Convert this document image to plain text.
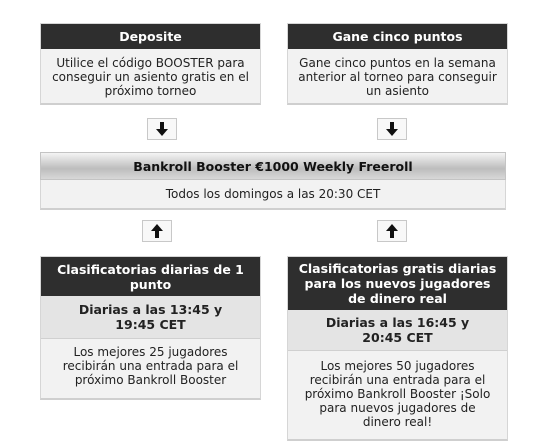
Deposite
Utilice el código BOOSTER para conseguir un asiento gratis en el próximo torneo
Gane cinco puntos
Gane cinco puntos en la semana anterior al torneo para conseguir un asiento
Bankroll Booster €1000 Weekly Freeroll
Todos los domingos a las 20:30 CET
Clasificatorias diarias de 1 punto
Diarias a las 13:45 y 19:45 CET
Los mejores 25 jugadores recibirán una entrada para el próximo Bankroll Booster
Clasificatorias gratis diarias para los nuevos jugadores de dinero real
Diarias a las 16:45 y 20:45 CET
Los mejores 50 jugadores recibirán una entrada para el próximo Bankroll Booster ¡Solo para nuevos jugadores de dinero real!
